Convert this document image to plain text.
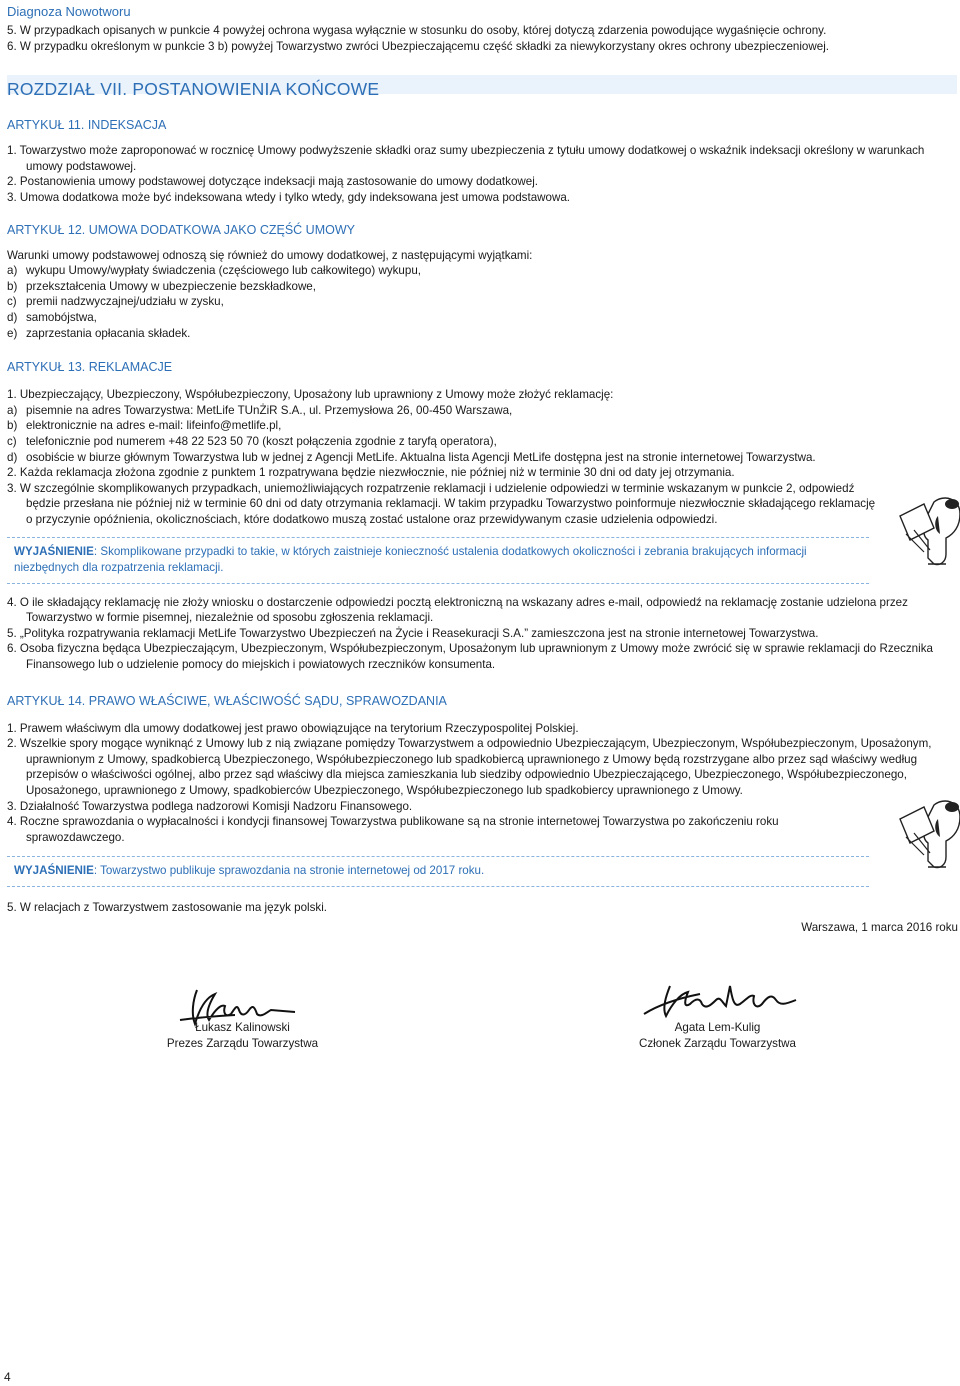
Diagnoza Nowotworu

5. W przypadkach opisanych w punkcie 4 powyżej ochrona wygasa wyłącznie w stosunku do osoby, której dotyczą zdarzenia powodujące wygaśnięcie ochrony.

6. W przypadku określonym w punkcie 3 b) powyżej Towarzystwo zwróci Ubezpieczającemu część składki za niewykorzystany okres ochrony ubezpieczeniowej.

ROZDZIAŁ VII. POSTANOWIENIA KOŃCOWE
ARTYKUŁ 11. INDEKSACJA

1. Towarzystwo może zaproponować w rocznicę Umowy podwyższenie składki oraz sumy ubezpieczenia z tytułu umowy dodatkowej o wskaźnik indeksacji określony w warunkach umowy podstawowej.

2. Postanowienia umowy podstawowej dotyczące indeksacji mają zastosowanie do umowy dodatkowej.

3. Umowa dodatkowa może być indeksowana wtedy i tylko wtedy, gdy indeksowana jest umowa podstawowa.

ARTYKUŁ 12. UMOWA DODATKOWA JAKO CZĘŚĆ UMOWY

Warunki umowy podstawowej odnoszą się również do umowy dodatkowej, z następującymi wyjątkami:

a) wykupu Umowy/wypłaty świadczenia (częściowego lub całkowitego) wykupu,

b) przekształcenia Umowy w ubezpieczenie bezskładkowe,

c) premii nadzwyczajnej/udziału w zysku,

d) samobójstwa,

e) zaprzestania opłacania składek.

ARTYKUŁ 13. REKLAMACJE

1. Ubezpieczający, Ubezpieczony, Współubezpieczony, Uposażony lub uprawniony z Umowy może złożyć reklamację:

a) pisemnie na adres Towarzystwa: MetLife TUnŻiR S.A., ul. Przemysłowa 26, 00-450 Warszawa,

b) elektronicznie na adres e-mail: lifeinfo@metlife.pl,

c) telefonicznie pod numerem +48 22 523 50 70 (koszt połączenia zgodnie z taryfą operatora),

d) osobiście w biurze głównym Towarzystwa lub w jednej z Agencji MetLife. Aktualna lista Agencji MetLife dostępna jest na stronie internetowej Towarzystwa.

2. Każda reklamacja złożona zgodnie z punktem 1 rozpatrywana będzie niezwłocznie, nie później niż w terminie 30 dni od daty jej otrzymania.

3. W szczególnie skomplikowanych przypadkach, uniemożliwiających rozpatrzenie reklamacji i udzielenie odpowiedzi w terminie wskazanym w punkcie 2, odpowiedź będzie przesłana nie później niż w terminie 60 dni od daty otrzymania reklamacji. W takim przypadku Towarzystwo poinformuje niezwłocznie składającego reklamację o przyczynie opóźnienia, okolicznościach, które dodatkowo muszą zostać ustalone oraz przewidywanym czasie udzielenia odpowiedzi.

WYJAŚNIENIE: Skomplikowane przypadki to takie, w których zaistnieje konieczność ustalenia dodatkowych okoliczności i zebrania brakujących informacji niezbędnych dla rozpatrzenia reklamacji.

4. O ile składający reklamację nie złoży wniosku o dostarczenie odpowiedzi pocztą elektroniczną na wskazany adres e-mail, odpowiedź na reklamację zostanie udzielona przez Towarzystwo w formie pisemnej, niezależnie od sposobu zgłoszenia reklamacji.

5. „Polityka rozpatrywania reklamacji MetLife Towarzystwo Ubezpieczeń na Życie i Reasekuracji S.A.” zamieszczona jest na stronie internetowej Towarzystwa.

6. Osoba fizyczna będąca Ubezpieczającym, Ubezpieczonym, Współubezpieczonym, Uposażonym lub uprawnionym z Umowy może zwrócić się w sprawie reklamacji do Rzecznika Finansowego lub o udzielenie pomocy do miejskich i powiatowych rzeczników konsumenta.

ARTYKUŁ 14. PRAWO WŁAŚCIWE, WŁAŚCIWOŚĆ SĄDU, SPRAWOZDANIA

1. Prawem właściwym dla umowy dodatkowej jest prawo obowiązujące na terytorium Rzeczypospolitej Polskiej.

2. Wszelkie spory mogące wyniknąć z Umowy lub z nią związane pomiędzy Towarzystwem a odpowiednio Ubezpieczającym, Ubezpieczonym, Współubezpieczonym, Uposażonym, uprawnionym z Umowy, spadkobiercą Ubezpieczonego, Współubezpieczonego lub spadkobiercą uprawnionego z Umowy będą rozstrzygane albo przez sąd właściwy według przepisów o właściwości ogólnej, albo przez sąd właściwy dla miejsca zamieszkania lub siedziby odpowiednio Ubezpieczającego, Ubezpieczonego, Współubezpieczonego, Uposażonego, uprawnionego z Umowy, spadkobierców Ubezpieczonego, Współubezpieczonego lub spadkobiercy uprawnionego z Umowy.

3. Działalność Towarzystwa podlega nadzorowi Komisji Nadzoru Finansowego.

4. Roczne sprawozdania o wypłacalności i kondycji finansowej Towarzystwa publikowane są na stronie internetowej Towarzystwa po zakończeniu roku sprawozdawczego.

WYJAŚNIENIE: Towarzystwo publikuje sprawozdania na stronie internetowej od 2017 roku.

5. W relacjach z Towarzystwem zastosowanie ma język polski.

Warszawa, 1 marca 2016 roku
Łukasz Kalinowski
Prezes Zarządu Towarzystwa
Agata Lem-Kulig
Członek Zarządu Towarzystwa
4
